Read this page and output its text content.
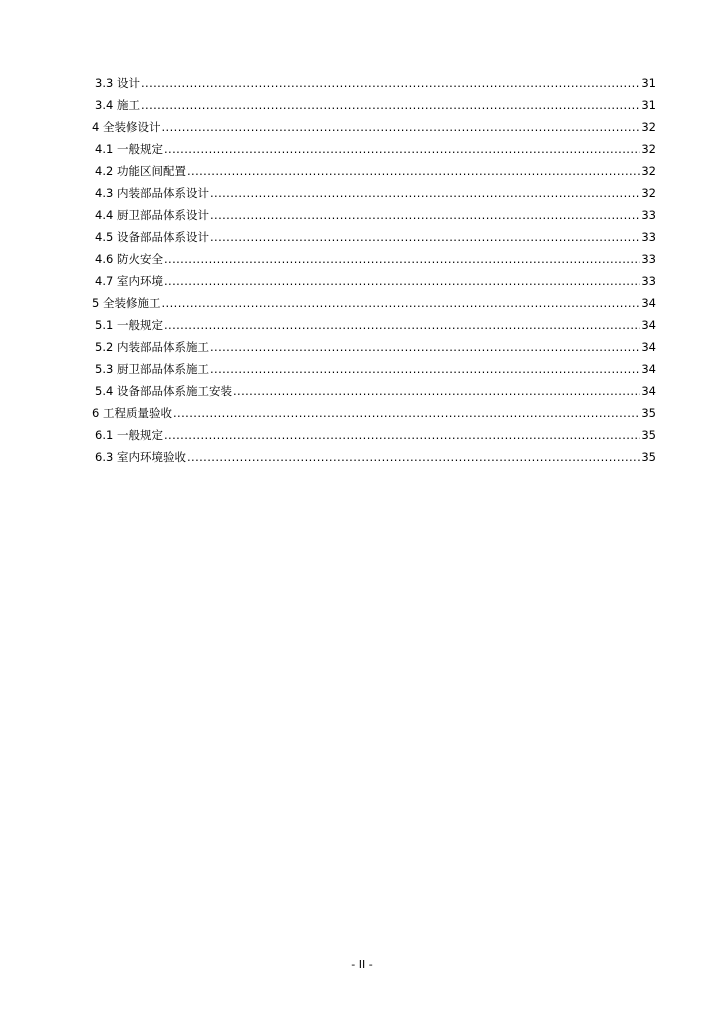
3.3 设计 .....	31
3.4 施工 .....	31
4 全装修设计 .....	32
4.1 一般规定 .....	32
4.2 功能区间配置 .....	32
4.3 内装部品体系设计 .....	32
4.4 厨卫部品体系设计 .....	33
4.5 设备部品体系设计 .....	33
4.6 防火安全 .....	33
4.7 室内环境 .....	33
5 全装修施工 .....	34
5.1 一般规定 .....	34
5.2 内装部品体系施工 .....	34
5.3 厨卫部品体系施工 .....	34
5.4 设备部品体系施工安装 .....	34
6 工程质量验收 .....	35
6.1 一般规定 .....	35
6.3 室内环境验收 .....	35
- II -
